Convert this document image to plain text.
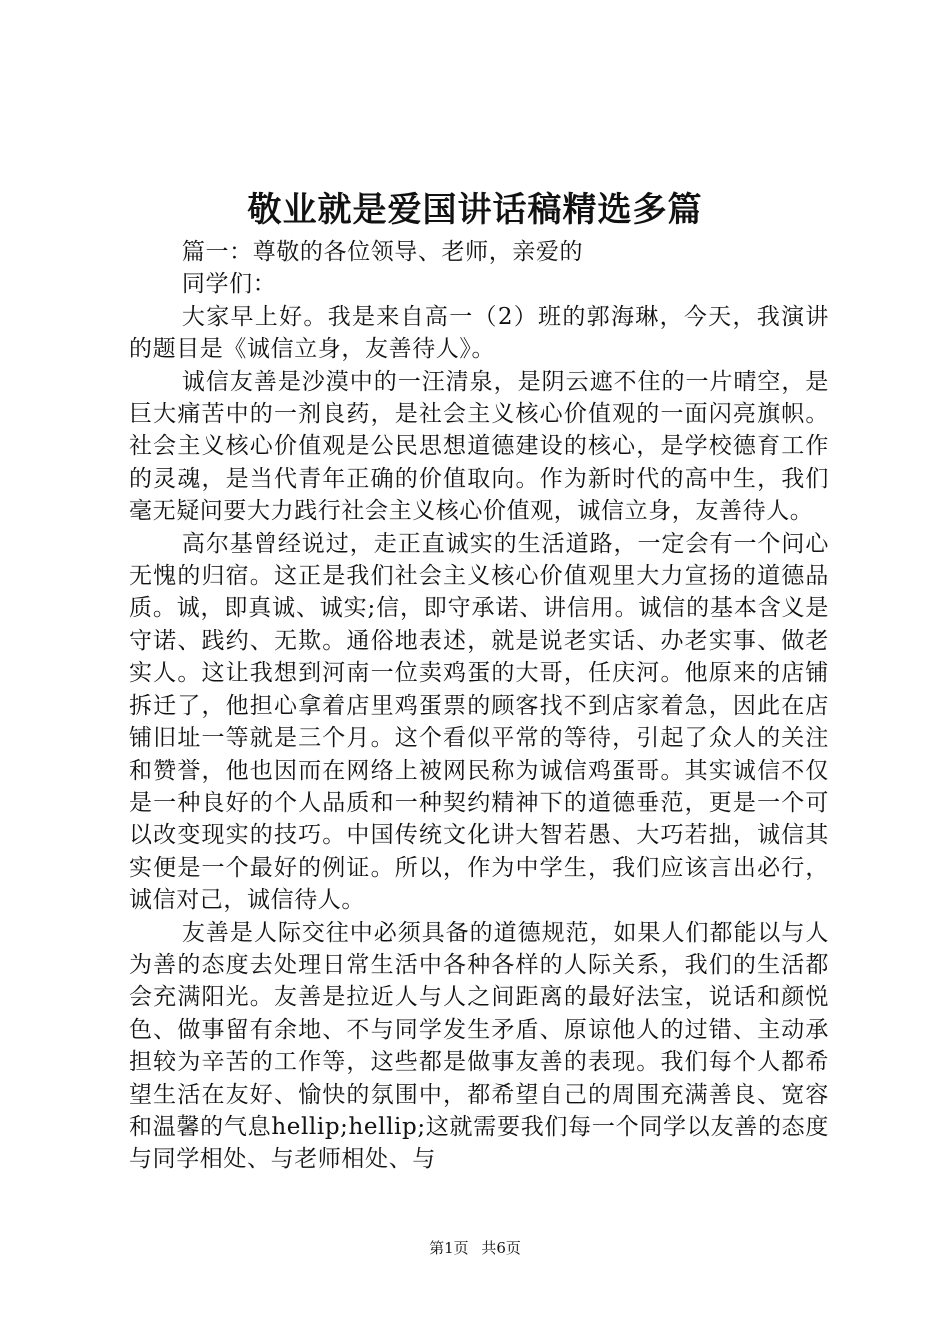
敬业就是爱国讲话稿精选多篇

篇一：尊敬的各位领导、老师，亲爱的

同学们：

大家早上好。我是来自高一（2）班的郭海琳，今天，我演讲的题目是《诚信立身，友善待人》。

诚信友善是沙漠中的一汪清泉，是阴云遮不住的一片晴空，是巨大痛苦中的一剂良药，是社会主义核心价值观的一面闪亮旗帜。社会主义核心价值观是公民思想道德建设的核心，是学校德育工作的灵魂，是当代青年正确的价值取向。作为新时代的高中生，我们毫无疑问要大力践行社会主义核心价值观，诚信立身，友善待人。

高尔基曾经说过，走正直诚实的生活道路，一定会有一个问心无愧的归宿。这正是我们社会主义核心价值观里大力宣扬的道德品质。诚，即真诚、诚实;信，即守承诺、讲信用。诚信的基本含义是守诺、践约、无欺。通俗地表述，就是说老实话、办老实事、做老实人。这让我想到河南一位卖鸡蛋的大哥，任庆河。他原来的店铺拆迁了，他担心拿着店里鸡蛋票的顾客找不到店家着急，因此在店铺旧址一等就是三个月。这个看似平常的等待，引起了众人的关注和赞誉，他也因而在网络上被网民称为诚信鸡蛋哥。其实诚信不仅是一种良好的个人品质和一种契约精神下的道德垂范，更是一个可以改变现实的技巧。中国传统文化讲大智若愚、大巧若拙，诚信其实便是一个最好的例证。所以，作为中学生，我们应该言出必行，诚信对己，诚信待人。

友善是人际交往中必须具备的道德规范，如果人们都能以与人为善的态度去处理日常生活中各种各样的人际关系，我们的生活都会充满阳光。友善是拉近人与人之间距离的最好法宝，说话和颜悦色、做事留有余地、不与同学发生矛盾、原谅他人的过错、主动承担较为辛苦的工作等，这些都是做事友善的表现。我们每个人都希望生活在友好、愉快的氛围中，都希望自己的周围充满善良、宽容和温馨的气息hellip;hellip;这就需要我们每一个同学以友善的态度与同学相处、与老师相处、与

第1页 共6页
